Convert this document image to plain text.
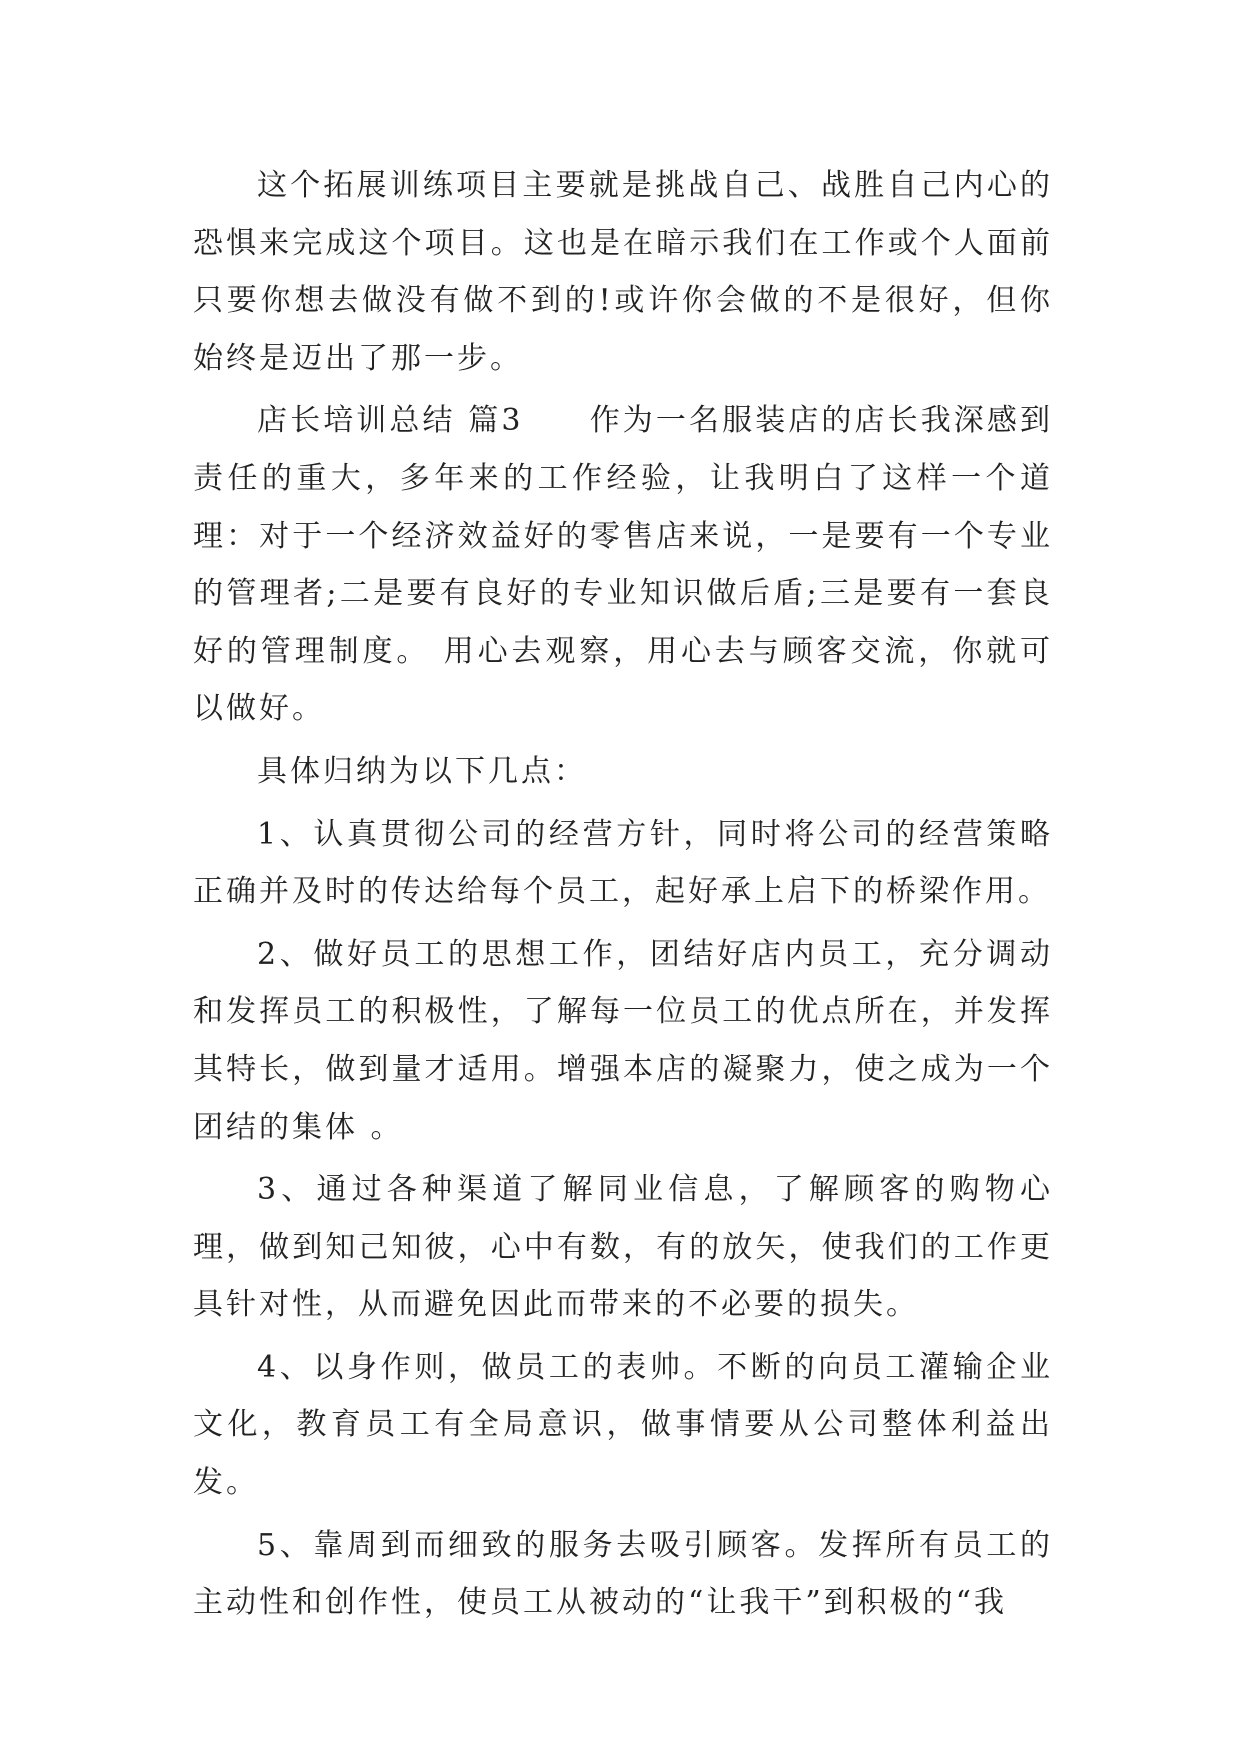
这个拓展训练项目主要就是挑战自己、战胜自己内心的恐惧来完成这个项目。这也是在暗示我们在工作或个人面前只要你想去做没有做不到的!或许你会做的不是很好，但你始终是迈出了那一步。

店长培训总结 篇3　　作为一名服装店的店长我深感到责任的重大，多年来的工作经验，让我明白了这样一个道理：对于一个经济效益好的零售店来说，一是要有一个专业的管理者;二是要有良好的专业知识做后盾;三是要有一套良好的管理制度。 用心去观察，用心去与顾客交流，你就可以做好。

具体归纳为以下几点：

1、认真贯彻公司的经营方针，同时将公司的经营策略正确并及时的传达给每个员工，起好承上启下的桥梁作用。

2、做好员工的思想工作，团结好店内员工，充分调动和发挥员工的积极性，了解每一位员工的优点所在，并发挥其特长，做到量才适用。增强本店的凝聚力，使之成为一个团结的集体 。

3、通过各种渠道了解同业信息，了解顾客的购物心理，做到知己知彼，心中有数，有的放矢，使我们的工作更具针对性，从而避免因此而带来的不必要的损失。

4、以身作则，做员工的表帅。不断的向员工灌输企业文化，教育员工有全局意识，做事情要从公司整体利益出发。

5、靠周到而细致的服务去吸引顾客。发挥所有员工的主动性和创作性，使员工从被动的“让我干”到积极的“我
